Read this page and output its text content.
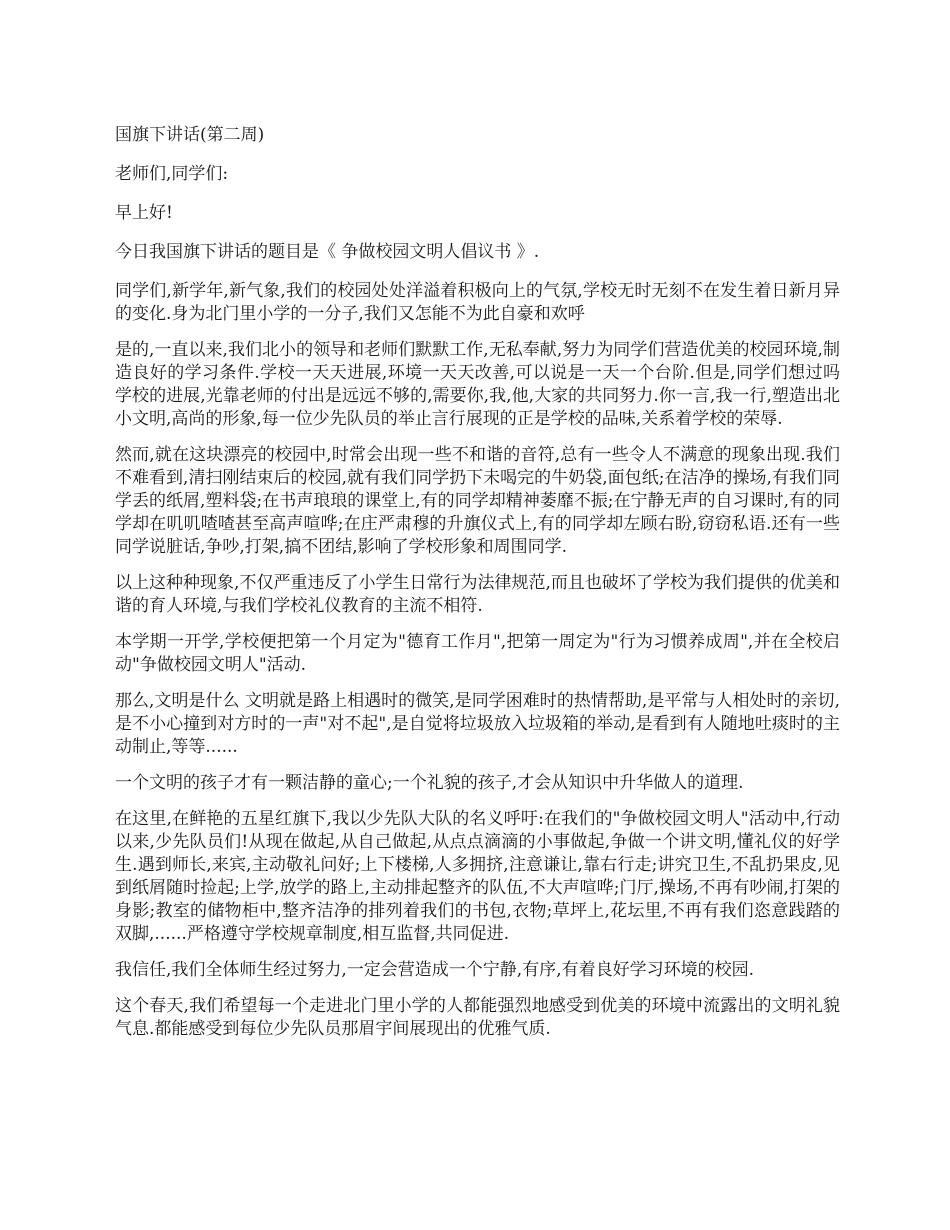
国旗下讲话(第二周)

老师们,同学们:

早上好!

今日我国旗下讲话的题目是《 争做校园文明人倡议书 》.

同学们,新学年,新气象,我们的校园处处洋溢着积极向上的气氛,学校无时无刻不在发生着日新月异的变化.身为北门里小学的一分子,我们又怎能不为此自豪和欢呼

是的,一直以来,我们北小的领导和老师们默默工作,无私奉献,努力为同学们营造优美的校园环境,制造良好的学习条件.学校一天天进展,环境一天天改善,可以说是一天一个台阶.但是,同学们想过吗 学校的进展,光靠老师的付出是远远不够的,需要你,我,他,大家的共同努力.你一言,我一行,塑造出北小文明,高尚的形象,每一位少先队员的举止言行展现的正是学校的品味,关系着学校的荣辱.

然而,就在这块漂亮的校园中,时常会出现一些不和谐的音符,总有一些令人不满意的现象出现.我们不难看到,清扫刚结束后的校园,就有我们同学扔下未喝完的牛奶袋,面包纸;在洁净的操场,有我们同学丢的纸屑,塑料袋;在书声琅琅的课堂上,有的同学却精神萎靡不振;在宁静无声的自习课时,有的同学却在叽叽喳喳甚至高声喧哗;在庄严肃穆的升旗仪式上,有的同学却左顾右盼,窃窃私语.还有一些同学说脏话,争吵,打架,搞不团结,影响了学校形象和周围同学.

以上这种种现象,不仅严重违反了小学生日常行为法律规范,而且也破坏了学校为我们提供的优美和谐的育人环境,与我们学校礼仪教育的主流不相符.

本学期一开学,学校便把第一个月定为"德育工作月",把第一周定为"行为习惯养成周",并在全校启动"争做校园文明人"活动.

那么,文明是什么 文明就是路上相遇时的微笑,是同学困难时的热情帮助,是平常与人相处时的亲切,是不小心撞到对方时的一声"对不起",是自觉将垃圾放入垃圾箱的举动,是看到有人随地吐痰时的主动制止,等等......

一个文明的孩子才有一颗洁静的童心;一个礼貌的孩子,才会从知识中升华做人的道理.

在这里,在鲜艳的五星红旗下,我以少先队大队的名义呼吁:在我们的"争做校园文明人"活动中,行动以来,少先队员们!从现在做起,从自己做起,从点点滴滴的小事做起,争做一个讲文明,懂礼仪的好学生.遇到师长,来宾,主动敬礼问好;上下楼梯,人多拥挤,注意谦让,靠右行走;讲究卫生,不乱扔果皮,见到纸屑随时捡起;上学,放学的路上,主动排起整齐的队伍,不大声喧哗;门厅,操场,不再有吵闹,打架的身影;教室的储物柜中,整齐洁净的排列着我们的书包,衣物;草坪上,花坛里,不再有我们恣意践踏的双脚,......严格遵守学校规章制度,相互监督,共同促进.

我信任,我们全体师生经过努力,一定会营造成一个宁静,有序,有着良好学习环境的校园.

这个春天,我们希望每一个走进北门里小学的人都能强烈地感受到优美的环境中流露出的文明礼貌气息.都能感受到每位少先队员那眉宇间展现出的优雅气质.
